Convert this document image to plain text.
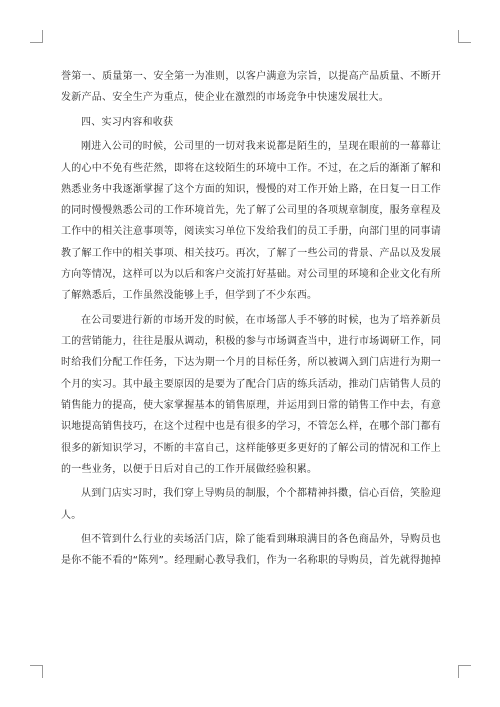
誉第一、质量第一、安全第一为准则，以客户满意为宗旨，以提高产品质量、不断开发新产品、安全生产为重点，使企业在激烈的市场竞争中快速发展壮大。

四、实习内容和收获

刚进入公司的时候，公司里的一切对我来说都是陌生的，呈现在眼前的一幕幕让人的心中不免有些茫然，即将在这较陌生的环境中工作。不过，在之后的渐渐了解和熟悉业务中我逐渐掌握了这个方面的知识，慢慢的对工作开始上路，在日复一日工作的同时慢慢熟悉公司的工作环境首先，先了解了公司里的各项规章制度，服务章程及工作中的相关注意事项等，阅读实习单位下发给我们的员工手册，向部门里的同事请教了解工作中的相关事项、相关技巧。再次，了解了一些公司的背景、产品以及发展方向等情况，这样可以为以后和客户交流打好基础。对公司里的环境和企业文化有所了解熟悉后，工作虽然没能够上手，但学到了不少东西。

在公司要进行新的市场开发的时候，在市场部人手不够的时候，也为了培养新员工的营销能力，往往是服从调动，积极的参与市场调查当中，进行市场调研工作，同时给我们分配工作任务，下达为期一个月的目标任务，所以被调入到门店进行为期一个月的实习。其中最主要原因的是要为了配合门店的练兵活动，推动门店销售人员的销售能力的提高，使大家掌握基本的销售原理，并运用到日常的销售工作中去，有意识地提高销售技巧，在这个过程中也是有很多的学习，不管怎么样，在哪个部门都有很多的新知识学习，不断的丰富自己，这样能够更多更好的了解公司的情况和工作上的一些业务，以便于日后对自己的工作开展做经验积累。

从到门店实习时，我们穿上导购员的制服，个个都精神抖擞，信心百倍，笑脸迎人。

但不管到什么行业的卖场活门店，除了能看到琳琅满目的各色商品外，导购员也是你不能不看的“陈列”。经理耐心教导我们，作为一名称职的导购员，首先就得抛掉
